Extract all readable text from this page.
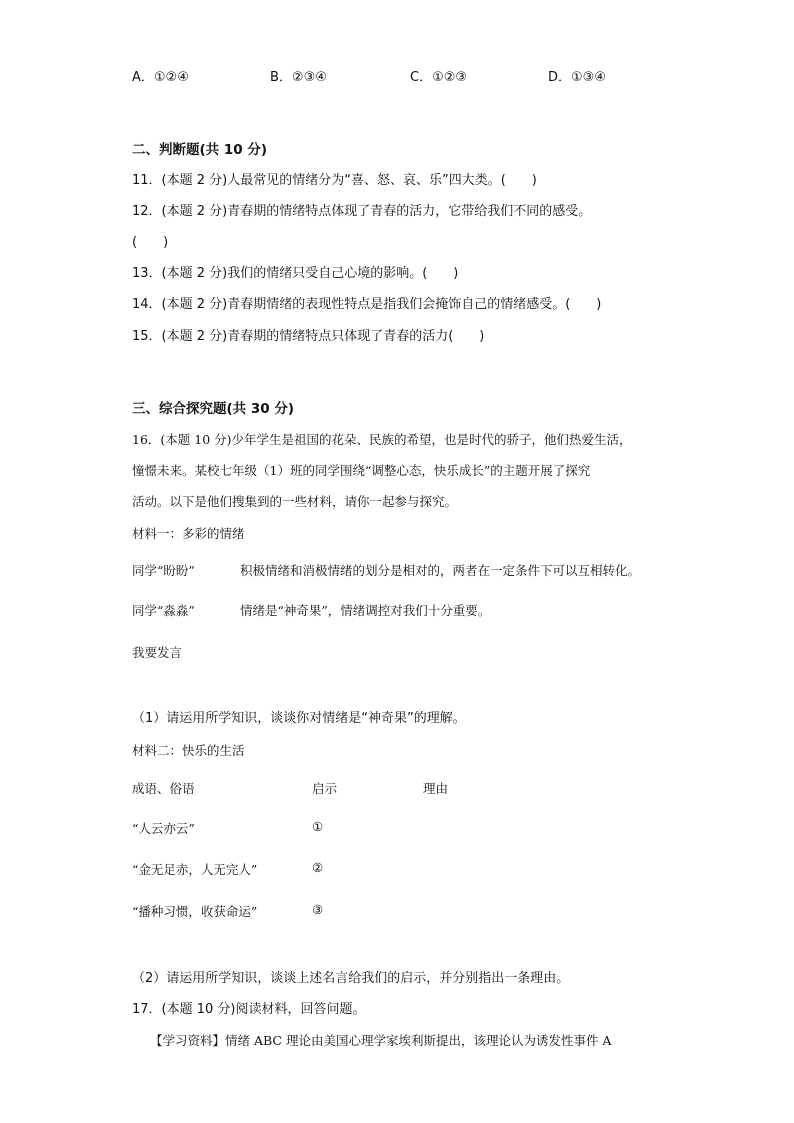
A．①②④	B．②③④	C．①②③	D．①③④
二、判断题(共 10 分)
11．(本题 2 分)人最常见的情绪分为“喜、怒、哀、乐”四大类。(　　)
12．(本题 2 分)青春期的情绪特点体现了青春的活力，它带给我们不同的感受。
(　　)
13．(本题 2 分)我们的情绪只受自己心境的影响。(　　)
14．(本题 2 分)青春期情绪的表现性特点是指我们会掩饰自己的情绪感受。(　　)
15．(本题 2 分)青春期的情绪特点只体现了青春的活力(　　)
三、综合探究题(共 30 分)
16．(本题 10 分)少年学生是祖国的花朵、民族的希望，也是时代的骄子，他们热爱生活，
憧憬未来。某校七年级（1）班的同学围绕“调整心态，快乐成长”的主题开展了探究
活动。以下是他们搜集到的一些材料，请你一起参与探究。
材料一：多彩的情绪
同学“盼盼”	积极情绪和消极情绪的划分是相对的，两者在一定条件下可以互相转化。
同学“淼淼”	情绪是“神奇果”，情绪调控对我们十分重要。
我要发言
（1）请运用所学知识，谈谈你对情绪是“神奇果”的理解。
材料二：快乐的生活
成语、俗语	启示	理由
“人云亦云”	①
“金无足赤，人无完人”	②
“播种习惯，收获命运”	③
（2）请运用所学知识，谈谈上述名言给我们的启示，并分别指出一条理由。
17．(本题 10 分)阅读材料，回答问题。
【学习资料】情绪 ABC 理论由美国心理学家埃利斯提出，该理论认为诱发性事件 A
